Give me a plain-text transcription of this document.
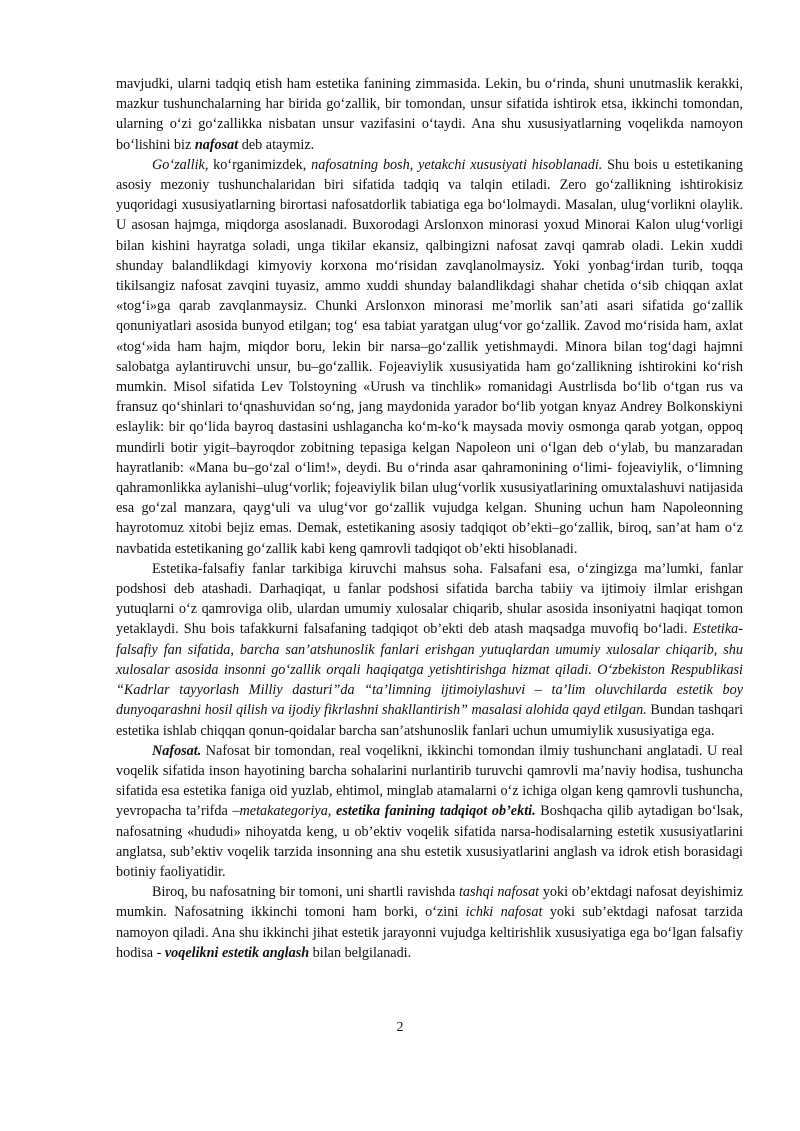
mavjudki, ularni tadqiq etish ham estetika fanining zimmasida. Lekin, bu o‘rinda, shuni unutmaslik kerakki, mazkur tushunchalarning har birida go‘zallik, bir tomondan, unsur sifatida ishtirok etsa, ikkinchi tomondan, ularning o‘zi go‘zallikka nisbatan unsur vazifasini o‘taydi. Ana shu xususiyatlarning voqelikda namoyon bo‘lishini biz nafosat deb ataymiz.

Go‘zallik, ko‘rganimizdek, nafosatning bosh, yetakchi xususiyati hisoblanadi. Shu bois u estetikaning asosiy mezoniy tushunchalaridan biri sifatida tadqiq va talqin etiladi. Zero go‘zallikning ishtirokisiz yuqoridagi xususiyatlarning birortasi nafosatdorlik tabiatiga ega bo‘lolmaydi. Masalan, ulug‘vorlikni olaylik. U asosan hajmga, miqdorga asoslanadi. Buxorodagi Arslonxon minorasi yoxud Minorai Kalon ulug‘vorligi bilan kishini hayratga soladi, unga tikilar ekansiz, qalbingizni nafosat zavqi qamrab oladi. Lekin xuddi shunday balandlikdagi kimyoviy korxona mo‘risidan zavqlanolmaysiz. Yoki yonbag‘irdan turib, toqqa tikilsangiz nafosat zavqini tuyasiz, ammo xuddi shunday balandlikdagi shahar chetida o‘sib chiqqan axlat «tog‘i»ga qarab zavqlanmaysiz. Chunki Arslonxon minorasi me’morlik san’ati asari sifatida go‘zallik qonuniyatlari asosida bunyod etilgan; tog‘ esa tabiat yaratgan ulug‘vor go‘zallik. Zavod mo‘risida ham, axlat «tog‘»ida ham hajm, miqdor boru, lekin bir narsa–go‘zallik yetishmaydi. Minora bilan tog‘dagi hajmni salobatga aylantiruvchi unsur, bu–go‘zallik. Fojeaviylik xususiyatida ham go‘zallikning ishtirokini ko‘rish mumkin. Misol sifatida Lev Tolstoyning «Urush va tinchlik» romanidagi Austrlisda bo‘lib o‘tgan rus va fransuz qo‘shinlari to‘qnashuvidan so‘ng, jang maydonida yarador bo‘lib yotgan knyaz Andrey Bolkonskiyni eslaylik: bir qo‘lida bayroq dastasini ushlagancha ko‘m-ko‘k maysada moviy osmonga qarab yotgan, oppoq mundirli botir yigit–bayroqdor zobitning tepasiga kelgan Napoleon uni o‘lgan deb o‘ylab, bu manzaradan hayratlanib: «Mana bu–go‘zal o‘lim!», deydi. Bu o‘rinda asar qahramonining o‘limi- fojeaviylik, o‘limning qahramonlikka aylanishi–ulug‘vorlik; fojeaviylik bilan ulug‘vorlik xususiyatlarining omuxtalashuvi natijasida esa go‘zal manzara, qayg‘uli va ulug‘vor go‘zallik vujudga kelgan. Shuning uchun ham Napoleonning hayrotomuz xitobi bejiz emas. Demak, estetikaning asosiy tadqiqot ob’ekti–go‘zallik, biroq, san’at ham o‘z navbatida estetikaning go‘zallik kabi keng qamrovli tadqiqot ob’ekti hisoblanadi.

Estetika-falsafiy fanlar tarkibiga kiruvchi mahsus soha. Falsafani esa, o‘zingizga ma’lumki, fanlar podshosi deb atashadi. Darhaqiqat, u fanlar podshosi sifatida barcha tabiiy va ijtimoiy ilmlar erishgan yutuqlarni o‘z qamroviga olib, ulardan umumiy xulosalar chiqarib, shular asosida insoniyatni haqiqat tomon yetaklaydi. Shu bois tafakkurni falsafaning tadqiqot ob’ekti deb atash maqsadga muvofiq bo‘ladi. Estetika-falsafiy fan sifatida, barcha san’atshunoslik fanlari erishgan yutuqlardan umumiy xulosalar chiqarib, shu xulosalar asosida insonni go‘zallik orqali haqiqatga yetishtirishga hizmat qiladi. O‘zbekiston Respublikasi “Kadrlar tayyorlash Milliy dasturi”da “ta’limning ijtimoiylashuvi – ta’lim oluvchilarda estetik boy dunyoqarashni hosil qilish va ijodiy fikrlashni shakllantirish” masalasi alohida qayd etilgan. Bundan tashqari estetika ishlab chiqqan qonun-qoidalar barcha san’atshunoslik fanlari uchun umumiylik xususiyatiga ega.

Nafosat. Nafosat bir tomondan, real voqelikni, ikkinchi tomondan ilmiy tushunchani anglatadi. U real voqelik sifatida inson hayotining barcha sohalarini nurlantirib turuvchi qamrovli ma’naviy hodisa, tushuncha sifatida esa estetika faniga oid yuzlab, ehtimol, minglab atamalarni o‘z ichiga olgan keng qamrovli tushuncha, yevropacha ta’rifda –metakategoriya, estetika fanining tadqiqot ob’ekti. Boshqacha qilib aytadigan bo‘lsak, nafosatning «hududi» nihoyatda keng, u ob’ektiv voqelik sifatida narsa-hodisalarning estetik xususiyatlarini anglatsa, sub’ektiv voqelik tarzida insonning ana shu estetik xususiyatlarini anglash va idrok etish borasidagi botiniy faoliyatidir.

Biroq, bu nafosatning bir tomoni, uni shartli ravishda tashqi nafosat yoki ob’ektdagi nafosat deyishimiz mumkin. Nafosatning ikkinchi tomoni ham borki, o‘zini ichki nafosat yoki sub’ektdagi nafosat tarzida namoyon qiladi. Ana shu ikkinchi jihat estetik jarayonni vujudga keltirishlik xususiyatiga ega bo‘lgan falsafiy hodisa - voqelikni estetik anglash bilan belgilanadi.

2
